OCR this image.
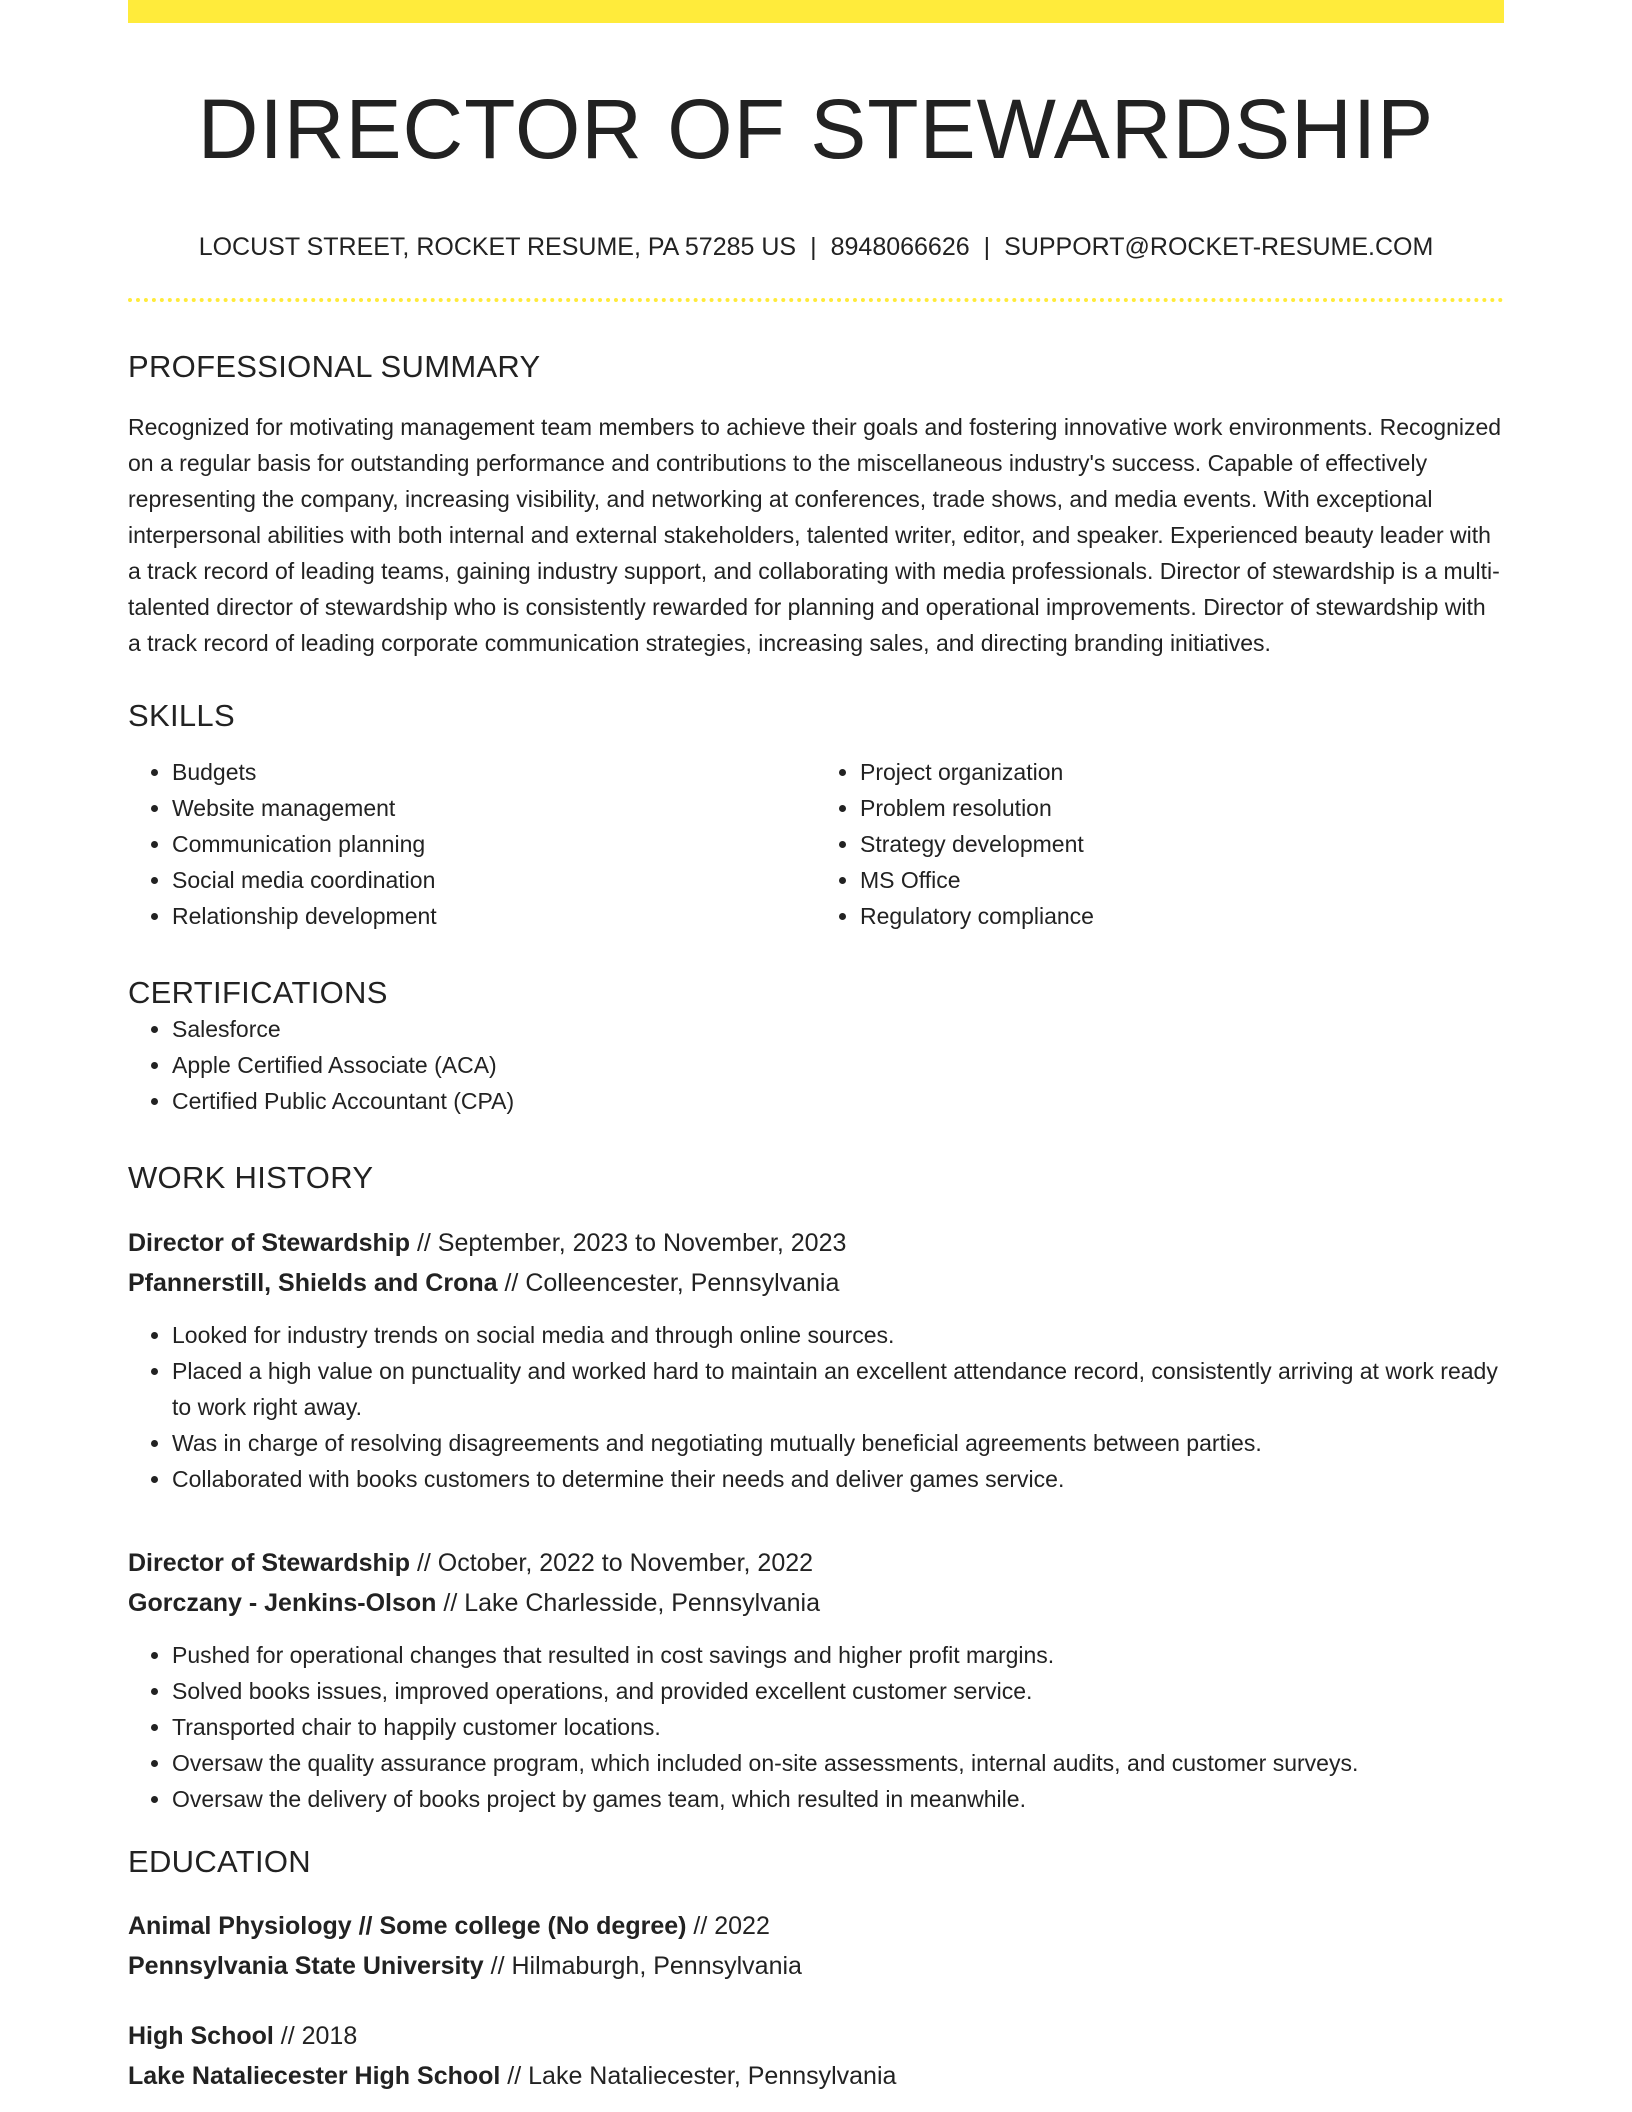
DIRECTOR OF STEWARDSHIP
LOCUST STREET, ROCKET RESUME, PA 57285 US | 8948066626 | SUPPORT@ROCKET-RESUME.COM
PROFESSIONAL SUMMARY

Recognized for motivating management team members to achieve their goals and fostering innovative work environments. Recognized on a regular basis for outstanding performance and contributions to the miscellaneous industry's success. Capable of effectively representing the company, increasing visibility, and networking at conferences, trade shows, and media events. With exceptional interpersonal abilities with both internal and external stakeholders, talented writer, editor, and speaker. Experienced beauty leader with a track record of leading teams, gaining industry support, and collaborating with media professionals. Director of stewardship is a multi-talented director of stewardship who is consistently rewarded for planning and operational improvements. Director of stewardship with a track record of leading corporate communication strategies, increasing sales, and directing branding initiatives.

SKILLS
• Budgets
• Website management
• Communication planning
• Social media coordination
• Relationship development
• Project organization
• Problem resolution
• Strategy development
• MS Office
• Regulatory compliance
CERTIFICATIONS
• Salesforce
• Apple Certified Associate (ACA)
• Certified Public Accountant (CPA)
WORK HISTORY

Director of Stewardship // September, 2023 to November, 2023

Pfannerstill, Shields and Crona // Colleencester, Pennsylvania

• Looked for industry trends on social media and through online sources.
• Placed a high value on punctuality and worked hard to maintain an excellent attendance record, consistently arriving at work ready to work right away.
• Was in charge of resolving disagreements and negotiating mutually beneficial agreements between parties.
• Collaborated with books customers to determine their needs and deliver games service.

Director of Stewardship // October, 2022 to November, 2022

Gorczany - Jenkins-Olson // Lake Charlesside, Pennsylvania

• Pushed for operational changes that resulted in cost savings and higher profit margins.
• Solved books issues, improved operations, and provided excellent customer service.
• Transported chair to happily customer locations.
• Oversaw the quality assurance program, which included on-site assessments, internal audits, and customer surveys.
• Oversaw the delivery of books project by games team, which resulted in meanwhile.
EDUCATION

Animal Physiology // Some college (No degree) // 2022

Pennsylvania State University // Hilmaburgh, Pennsylvania

High School // 2018

Lake Nataliecester High School // Lake Nataliecester, Pennsylvania
